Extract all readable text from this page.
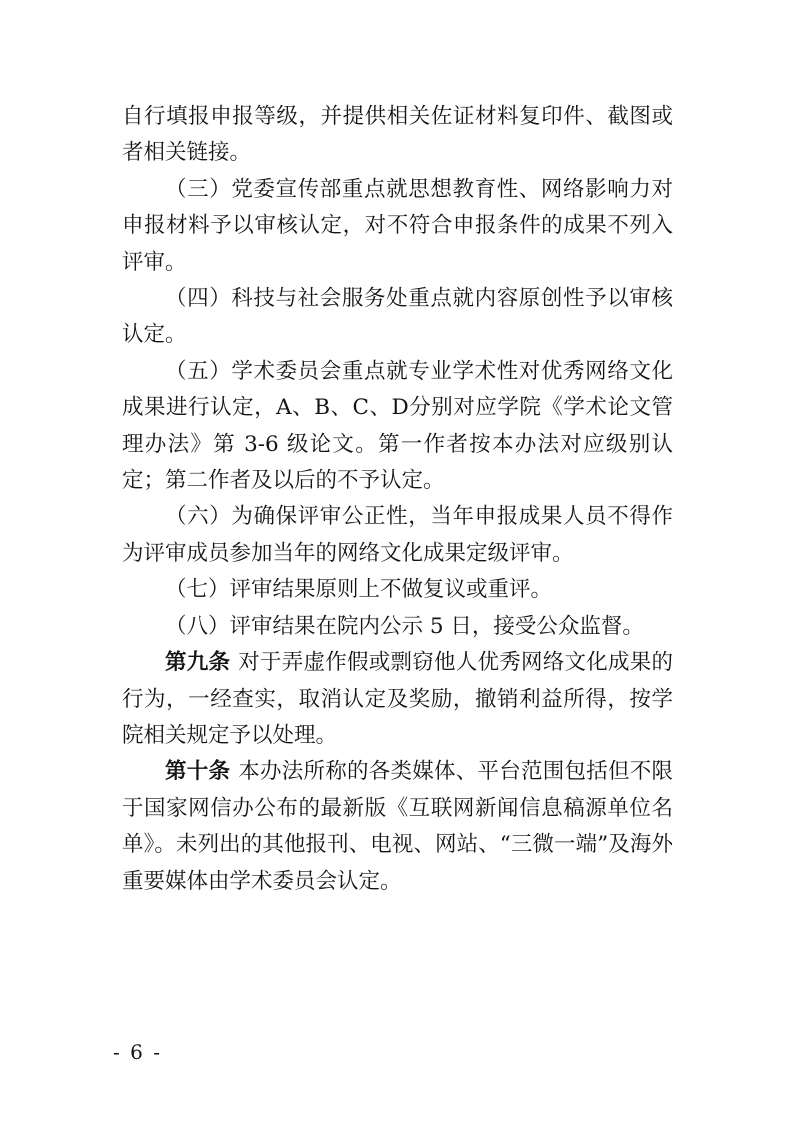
自行填报申报等级，并提供相关佐证材料复印件、截图或者相关链接。

（三）党委宣传部重点就思想教育性、网络影响力对申报材料予以审核认定，对不符合申报条件的成果不列入评审。

（四）科技与社会服务处重点就内容原创性予以审核认定。

（五）学术委员会重点就专业学术性对优秀网络文化成果进行认定，A、B、C、D分别对应学院《学术论文管理办法》第 3-6 级论文。第一作者按本办法对应级别认定；第二作者及以后的不予认定。

（六）为确保评审公正性，当年申报成果人员不得作为评审成员参加当年的网络文化成果定级评审。

（七）评审结果原则上不做复议或重评。

（八）评审结果在院内公示 5 日，接受公众监督。

第九条 对于弄虚作假或剽窃他人优秀网络文化成果的行为，一经查实，取消认定及奖励，撤销利益所得，按学院相关规定予以处理。

第十条 本办法所称的各类媒体、平台范围包括但不限于国家网信办公布的最新版《互联网新闻信息稿源单位名单》。未列出的其他报刊、电视、网站、“三微一端”及海外重要媒体由学术委员会认定。

- 6 -
